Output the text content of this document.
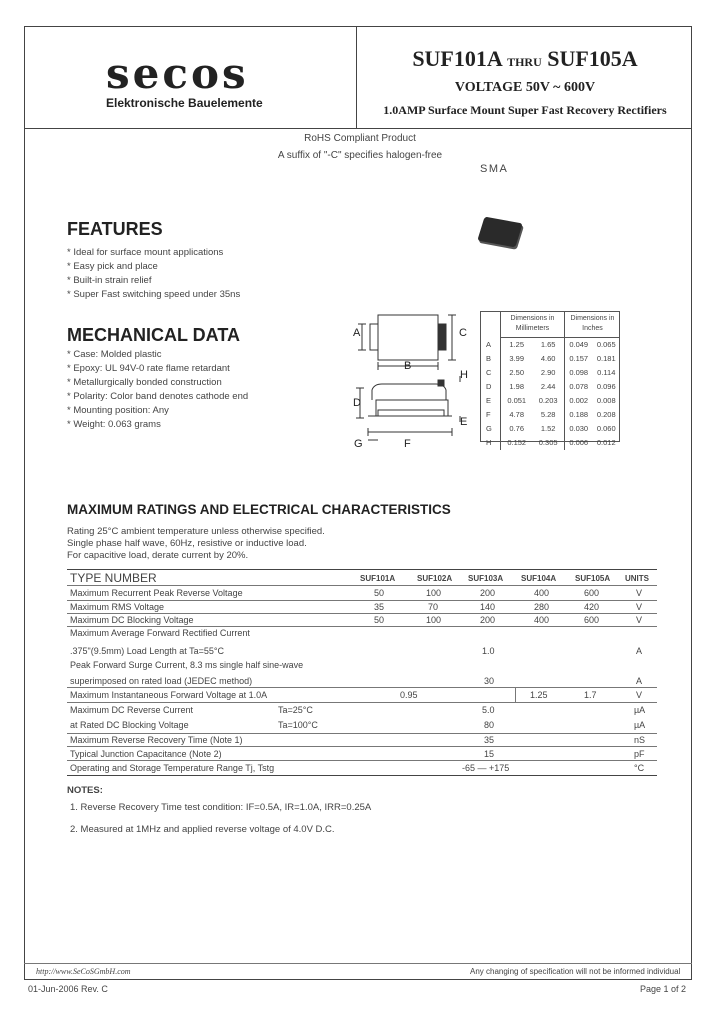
secos
Elektronische Bauelemente
SUF101A THRU SUF105A
VOLTAGE 50V ~ 600V
1.0AMP Surface Mount Super Fast Recovery Rectifiers
RoHS Compliant Product
A suffix of "-C" specifies halogen-free
SMA
FEATURES
* Ideal for surface mount applications
* Easy pick and place
* Built-in strain relief
* Super Fast switching speed under 35ns
MECHANICAL DATA
* Case: Molded plastic
* Epoxy: UL 94V-0 rate flame retardant
* Metallurgically bonded construction
* Polarity: Color band denotes cathode end
* Mounting position: Any
* Weight: 0.063 grams
A	C
B
H
D
E
G	F
	Dimensions in Millimeters		Dimensions in Inches	
A	1.25	1.65	0.049	0.065
B	3.99	4.60	0.157	0.181
C	2.50	2.90	0.098	0.114
D	1.98	2.44	0.078	0.096
E	0.051	0.203	0.002	0.008
F	4.78	5.28	0.188	0.208
G	0.76	1.52	0.030	0.060
H	0.152	0.305	0.006	0.012
MAXIMUM RATINGS AND ELECTRICAL CHARACTERISTICS
Rating 25°C ambient temperature unless otherwise specified.
Single phase half wave, 60Hz, resistive or inductive load.
For capacitive load, derate current by 20%.
TYPE NUMBER	SUF101A	SUF102A SUF103A SUF104A SUF105A UNITS
Maximum Recurrent Peak Reverse Voltage	50	100	200	400	600	V
Maximum RMS Voltage	35	70	140	280	420	V
Maximum DC Blocking Voltage	50	100	200	400	600	V
Maximum Average Forward Rectified Current
.375"(9.5mm) Load Length at Ta=55°C	1.0	A
Peak Forward Surge Current, 8.3 ms single half sine-wave
superimposed on rated load (JEDEC method)	30	A
Maximum Instantaneous Forward Voltage at 1.0A	0.95	1.25	1.7	V
Maximum DC Reverse Current	Ta=25°C	5.0	µA
at Rated DC Blocking Voltage	Ta=100°C	80	µA
Maximum Reverse Recovery Time (Note 1)	35	nS
Typical Junction Capacitance (Note 2)	15	pF
Operating and Storage Temperature Range Tj, Tstg	-65 — +175	°C
NOTES:
1. Reverse Recovery Time test condition: IF=0.5A, IR=1.0A, IRR=0.25A
2. Measured at 1MHz and applied reverse voltage of 4.0V D.C.
http://www.SeCoSGmbH.com	Any changing of specification will not be informed individual
01-Jun-2006 Rev. C	Page 1 of 2
